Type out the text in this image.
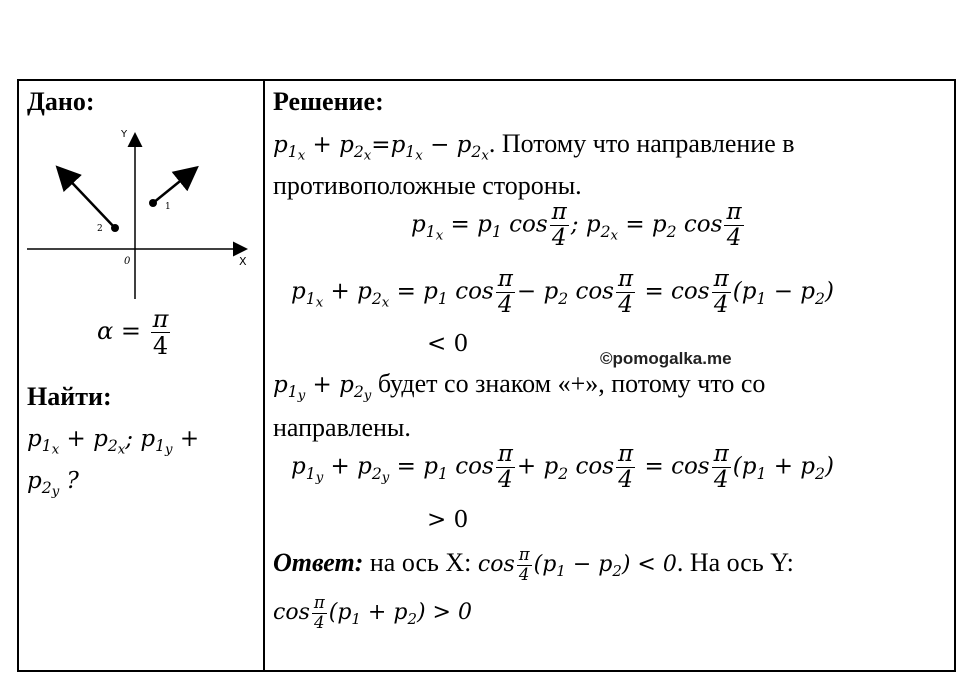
Дано:
Y
X
0
2
1
$\alpha = \frac{\pi}{4}$
Найти:
$p_{1_x} + p_{2_x}$; $p_{1_y}$ +
$p_{2_y}$ ?
Решение:
$p_{1_x} + p_{2_x}=p_{1_x} - p_{2_x}$. Потому что направление в
противоположные стороны.
$p_{1_x} = p_1$ $\cos \frac{\pi}{4}$ ; $p_{2_x} = p_2$ $\cos \frac{\pi}{4}$
$p_{1_x} + p_{2_x} = p_1$ $\cos \frac{\pi}{4} - p_2$ $\cos \frac{\pi}{4} = \cos \frac{\pi}{4} (p_1 - p_2)$
< 0
$p_{1_y} + p_{2_y}$ будет со знаком «+», потому что со
направлены.
$p_{1_y} + p_{2_y} = p_1$ $\cos \frac{\pi}{4} + p_2$ $\cos \frac{\pi}{4} = \cos \frac{\pi}{4} (p_1 + p_2)$
> 0
Ответ: на ось X: $\cos \frac{\pi}{4} (p_1 - p_2) < 0$. На ось Y:
$\cos \frac{\pi}{4} (p_1 + p_2) > 0$
©pomogalka.me
